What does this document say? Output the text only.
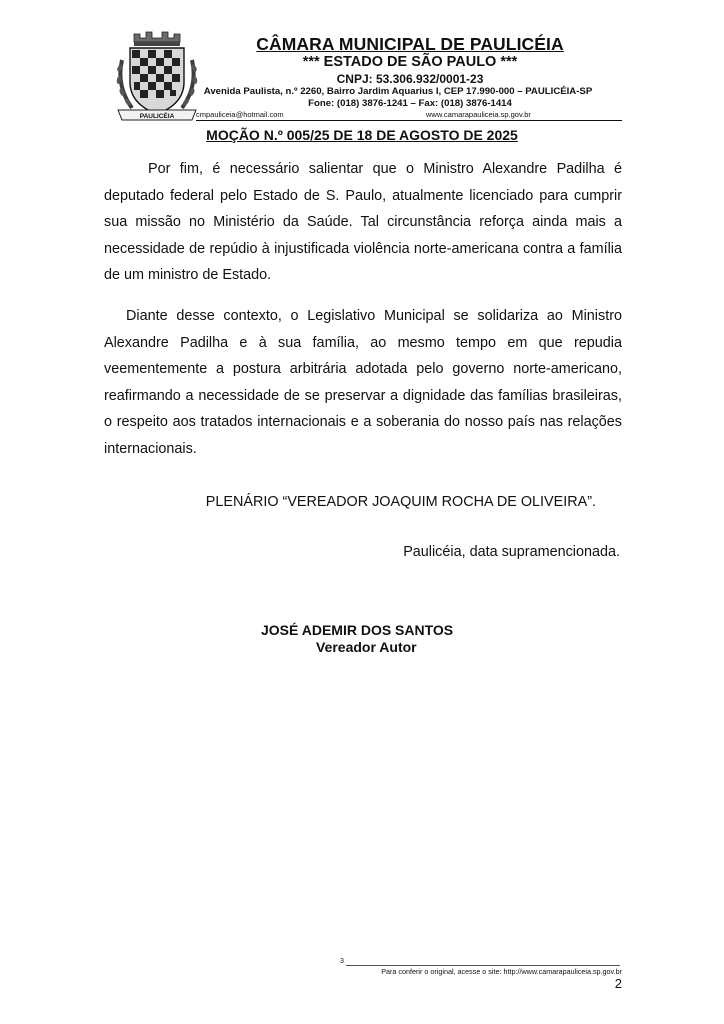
PAULICÉIA
CÂMARA MUNICIPAL DE PAULICÉIA
*** ESTADO DE SÃO PAULO ***
CNPJ: 53.306.932/0001-23
Avenida Paulista, n.º 2260, Bairro Jardim Aquarius I, CEP 17.990-000 – PAULICÉIA-SP
Fone: (018) 3876-1241 – Fax: (018) 3876-1414
cmpauliceia@hotmail.com	www.camarapauliceia.sp.gov.br
MOÇÃO N.º 005/25 DE 18 DE AGOSTO DE 2025

Por fim, é necessário salientar que o Ministro Alexandre Padilha é deputado federal pelo Estado de S. Paulo, atualmente licenciado para cumprir sua missão no Ministério da Saúde. Tal circunstância reforça ainda mais a necessidade de repúdio à injustificada violência norte-americana contra a família de um ministro de Estado.

Diante desse contexto, o Legislativo Municipal se solidariza ao Ministro Alexandre Padilha e à sua família, ao mesmo tempo em que repudia veementemente a postura arbitrária adotada pelo governo norte-americano, reafirmando a necessidade de se preservar a dignidade das famílias brasileiras, o respeito aos tratados internacionais e a soberania do nosso país nas relações internacionais.

PLENÁRIO “VEREADOR JOAQUIM ROCHA DE OLIVEIRA”.
Paulicéia, data supramencionada.
JOSÉ ADEMIR DOS SANTOS
Vereador Autor
3
Para conferir o original, acesse o site: http://www.camarapauliceia.sp.gov.br
2
